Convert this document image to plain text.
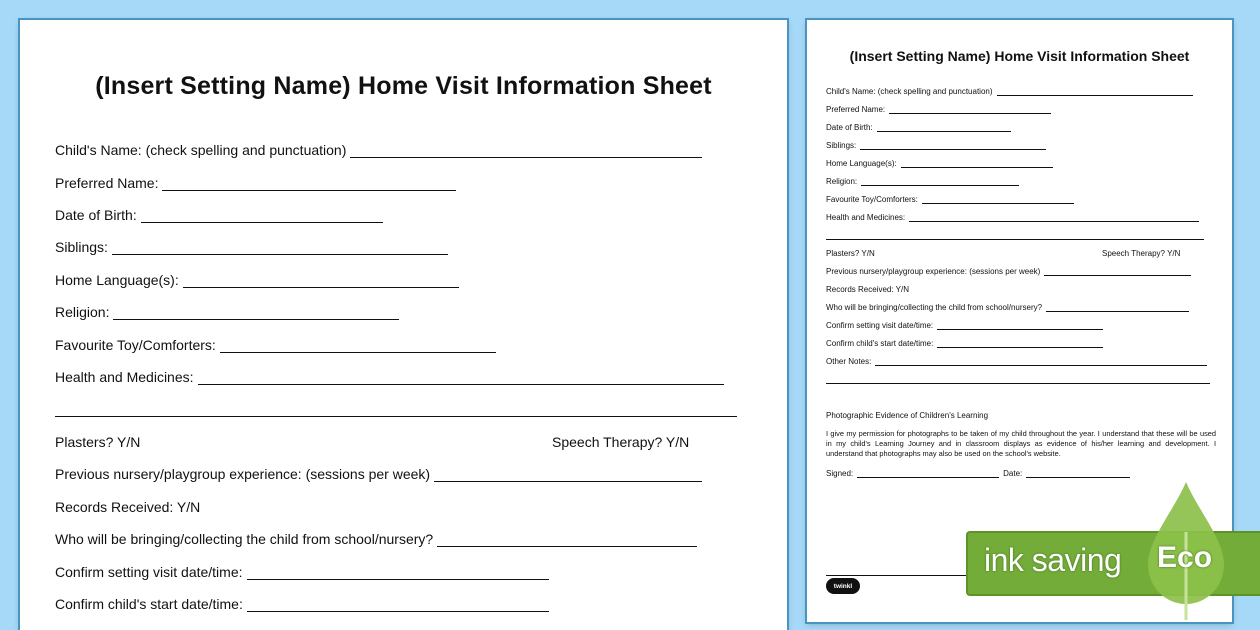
(Insert Setting Name) Home Visit Information Sheet
Child's Name: (check spelling and punctuation)
Preferred Name:
Date of Birth:
Siblings:
Home Language(s):
Religion:
Favourite Toy/Comforters:
Health and Medicines:
Plasters? Y/N	Speech Therapy? Y/N
Previous nursery/playgroup experience: (sessions per week)
Records Received: Y/N
Who will be bringing/collecting the child from school/nursery?
Confirm setting visit date/time:
Confirm child's start date/time:
(Insert Setting Name) Home Visit Information Sheet
Child's Name: (check spelling and punctuation)
Preferred Name:
Date of Birth:
Siblings:
Home Language(s):
Religion:
Favourite Toy/Comforters:
Health and Medicines:
Plasters? Y/N	Speech Therapy? Y/N
Previous nursery/playgroup experience: (sessions per week)
Records Received: Y/N
Who will be bringing/collecting the child from school/nursery?
Confirm setting visit date/time:
Confirm child's start date/time:
Other Notes:
Photographic Evidence of Children's Learning
I give my permission for photographs to be taken of my child throughout the year. I understand that these will be used in my child's Learning Journey and in classroom displays as evidence of his/her learning and development. I understand that photographs may also be used on the school's website.
Signed:	Date:
twinkl
ink saving Eco
